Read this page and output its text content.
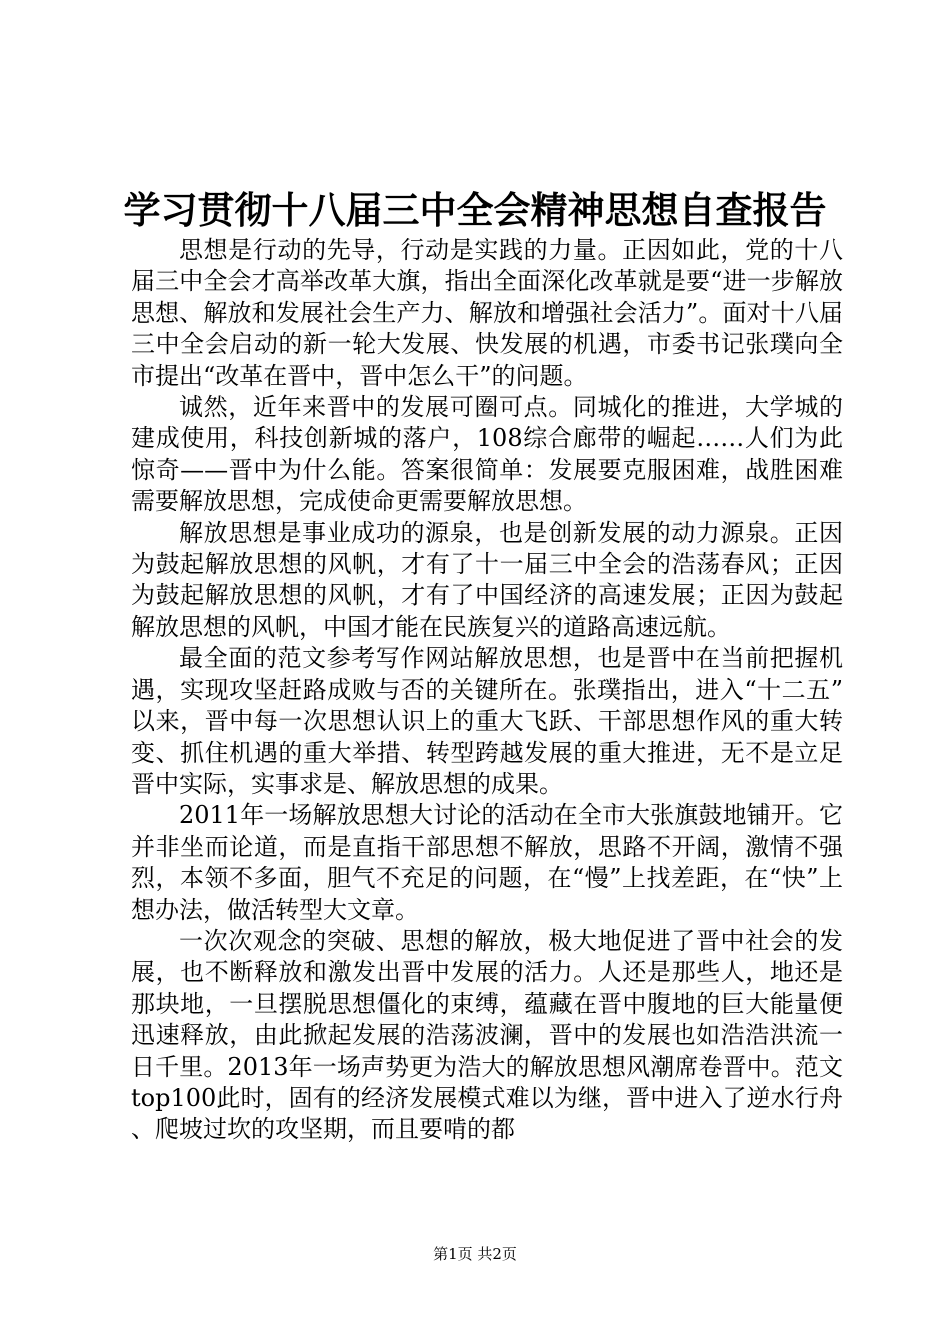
学习贯彻十八届三中全会精神思想自查报告

思想是行动的先导，行动是实践的力量。正因如此，党的十八届三中全会才高举改革大旗，指出全面深化改革就是要“进一步解放思想、解放和发展社会生产力、解放和增强社会活力”。面对十八届三中全会启动的新一轮大发展、快发展的机遇，市委书记张璞向全市提出“改革在晋中，晋中怎么干”的问题。

诚然，近年来晋中的发展可圈可点。同城化的推进，大学城的建成使用，科技创新城的落户，108综合廊带的崛起……人们为此惊奇——晋中为什么能。答案很简单：发展要克服困难，战胜困难需要解放思想，完成使命更需要解放思想。

解放思想是事业成功的源泉，也是创新发展的动力源泉。正因为鼓起解放思想的风帆，才有了十一届三中全会的浩荡春风；正因为鼓起解放思想的风帆，才有了中国经济的高速发展；正因为鼓起解放思想的风帆，中国才能在民族复兴的道路高速远航。

最全面的范文参考写作网站解放思想，也是晋中在当前把握机遇，实现攻坚赶路成败与否的关键所在。张璞指出，进入“十二五”以来，晋中每一次思想认识上的重大飞跃、干部思想作风的重大转变、抓住机遇的重大举措、转型跨越发展的重大推进，无不是立足晋中实际，实事求是、解放思想的成果。

2011年一场解放思想大讨论的活动在全市大张旗鼓地铺开。它并非坐而论道，而是直指干部思想不解放，思路不开阔，激情不强烈，本领不多面，胆气不充足的问题，在“慢”上找差距，在“快”上想办法，做活转型大文章。

一次次观念的突破、思想的解放，极大地促进了晋中社会的发展，也不断释放和激发出晋中发展的活力。人还是那些人，地还是那块地，一旦摆脱思想僵化的束缚，蕴藏在晋中腹地的巨大能量便迅速释放，由此掀起发展的浩荡波澜，晋中的发展也如浩浩洪流一日千里。2013年一场声势更为浩大的解放思想风潮席卷晋中。范文top100此时，固有的经济发展模式难以为继，晋中进入了逆水行舟、爬坡过坎的攻坚期，而且要啃的都

第1页 共2页
